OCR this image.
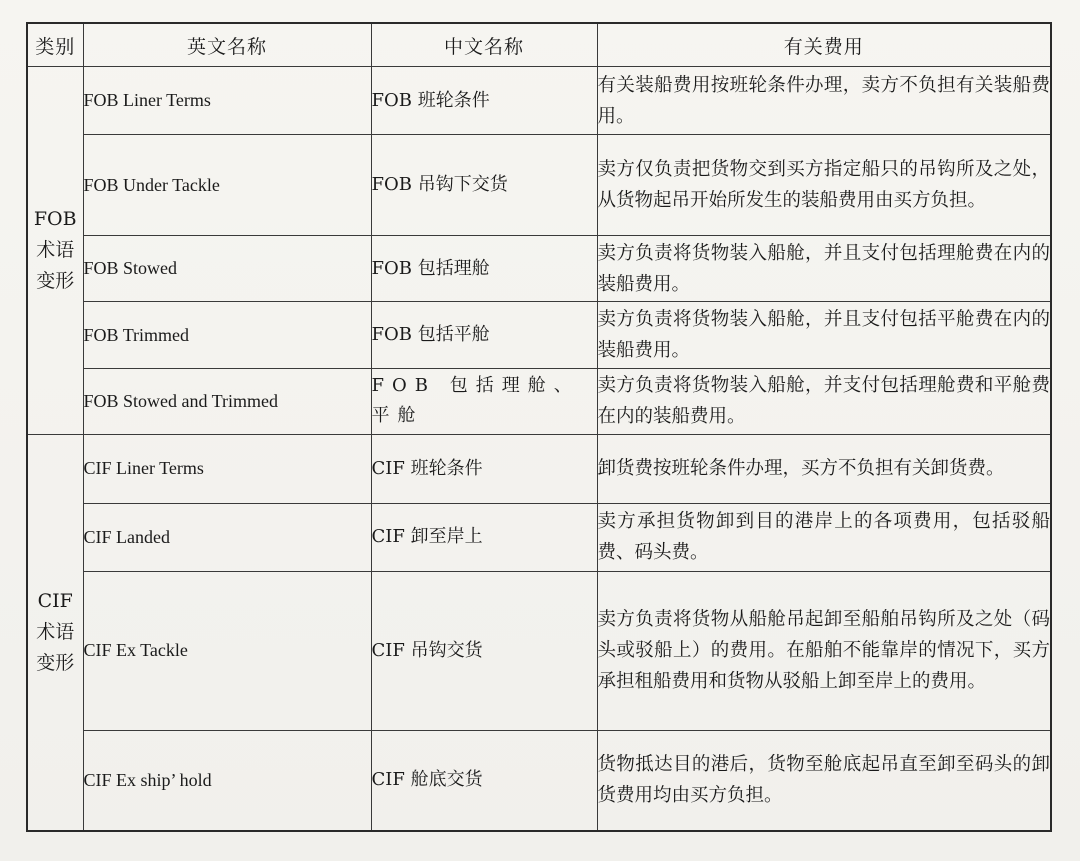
类别	英文名称	中文名称	有关费用
FOB术语变形	FOB Liner Terms	FOB 班轮条件	有关装船费用按班轮条件办理，卖方不负担有关装船费用。
	FOB Under Tackle	FOB 吊钩下交货	卖方仅负责把货物交到买方指定船只的吊钩所及之处，从货物起吊开始所发生的装船费用由买方负担。
	FOB Stowed	FOB 包括理舱	卖方负责将货物装入船舱，并且支付包括理舱费在内的装船费用。
	FOB Trimmed	FOB 包括平舱	卖方负责将货物装入船舱，并且支付包括平舱费在内的装船费用。
	FOB Stowed and Trimmed	FOB 包括理舱、平舱	卖方负责将货物装入船舱，并支付包括理舱费和平舱费在内的装船费用。
CIF术语变形	CIF Liner Terms	CIF 班轮条件	卸货费按班轮条件办理，买方不负担有关卸货费。
	CIF Landed	CIF 卸至岸上	卖方承担货物卸到目的港岸上的各项费用，包括驳船费、码头费。
	CIF Ex Tackle	CIF 吊钩交货	卖方负责将货物从船舱吊起卸至船舶吊钩所及之处（码头或驳船上）的费用。在船舶不能靠岸的情况下，买方承担租船费用和货物从驳船上卸至岸上的费用。
	CIF Ex ship’ hold	CIF 舱底交货	货物抵达目的港后，货物至舱底起吊直至卸至码头的卸货费用均由买方负担。
